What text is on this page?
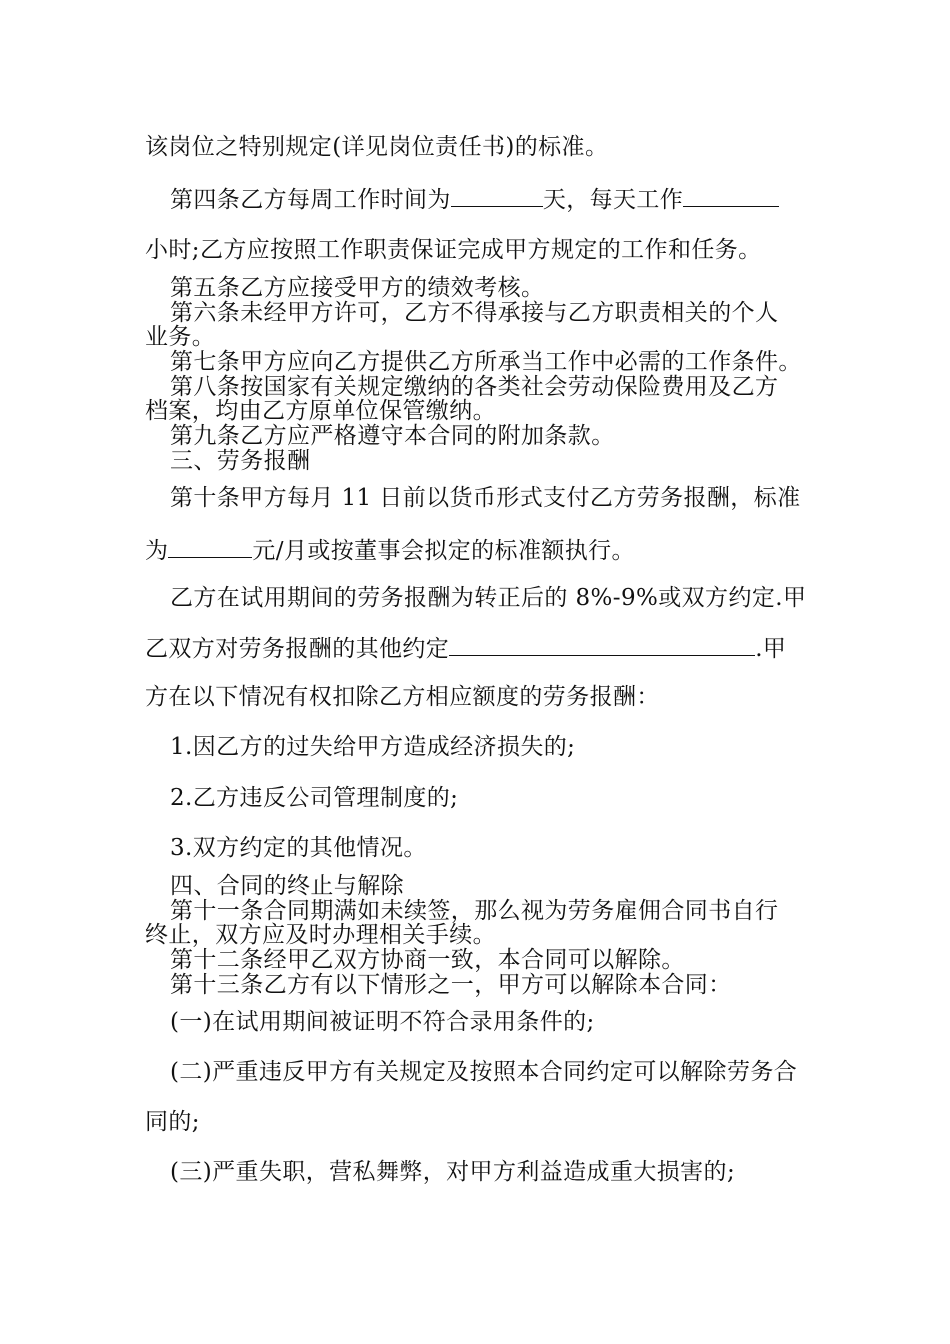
该岗位之特别规定(详见岗位责任书)的标准。
第四条乙方每周工作时间为	天，每天工作
小时;乙方应按照工作职责保证完成甲方规定的工作和任务。
第五条乙方应接受甲方的绩效考核。
第六条未经甲方许可，乙方不得承接与乙方职责相关的个人
业务。
第七条甲方应向乙方提供乙方所承当工作中必需的工作条件。
第八条按国家有关规定缴纳的各类社会劳动保险费用及乙方
档案，均由乙方原单位保管缴纳。
第九条乙方应严格遵守本合同的附加条款。
三、劳务报酬
第十条甲方每月 11 日前以货币形式支付乙方劳务报酬，标准
为	元/月或按董事会拟定的标准额执行。
乙方在试用期间的劳务报酬为转正后的 8%-9%或双方约定.甲
乙双方对劳务报酬的其他约定	.甲
方在以下情况有权扣除乙方相应额度的劳务报酬：
1.因乙方的过失给甲方造成经济损失的;
2.乙方违反公司管理制度的;
3.双方约定的其他情况。
四、合同的终止与解除
第十一条合同期满如未续签，那么视为劳务雇佣合同书自行
终止，双方应及时办理相关手续。
第十二条经甲乙双方协商一致，本合同可以解除。
第十三条乙方有以下情形之一，甲方可以解除本合同：
(一)在试用期间被证明不符合录用条件的;
(二)严重违反甲方有关规定及按照本合同约定可以解除劳务合
同的;
(三)严重失职，营私舞弊，对甲方利益造成重大损害的;
